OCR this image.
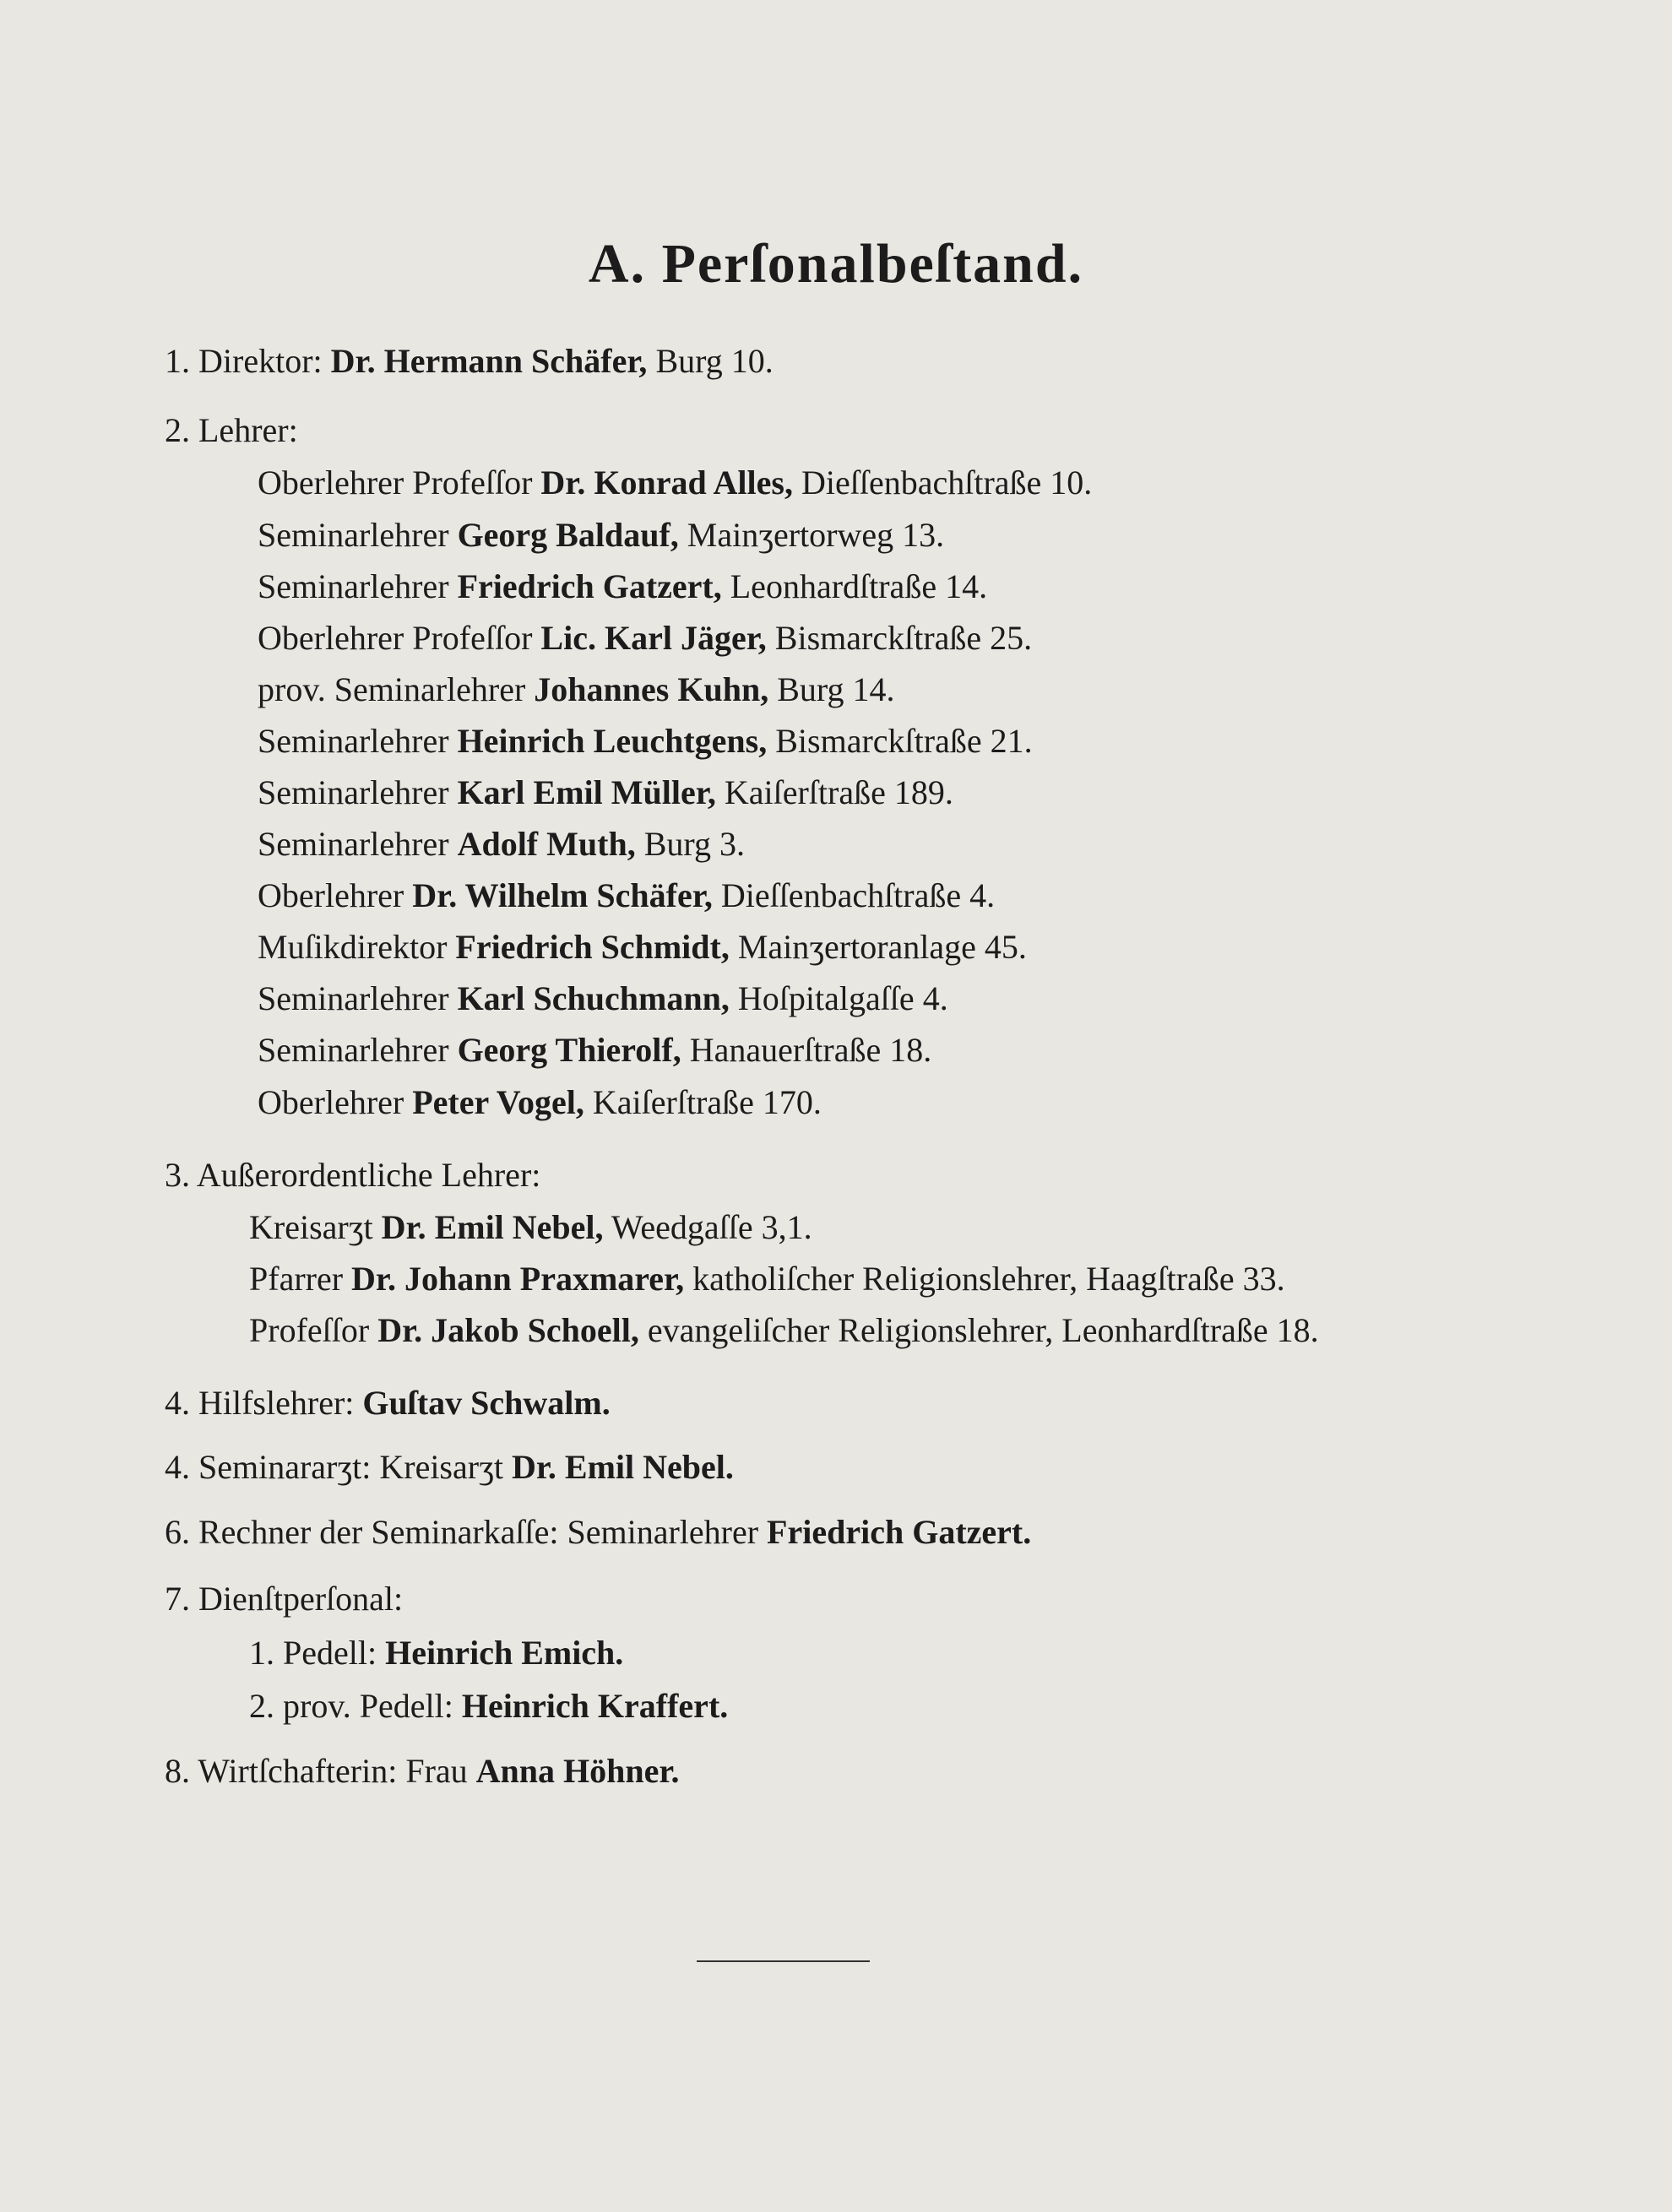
A. Perſonalbeſtand.
1. Direktor: Dr. Hermann Schäfer, Burg 10.
2. Lehrer:
Oberlehrer Profeſſor Dr. Konrad Alles, Dieſſenbachſtraße 10.
Seminarlehrer Georg Baldauf, Mainʒertorweg 13.
Seminarlehrer Friedrich Gatzert, Leonhardſtraße 14.
Oberlehrer Profeſſor Lic. Karl Jäger, Bismarckſtraße 25.
prov. Seminarlehrer Johannes Kuhn, Burg 14.
Seminarlehrer Heinrich Leuchtgens, Bismarckſtraße 21.
Seminarlehrer Karl Emil Müller, Kaiſerſtraße 189.
Seminarlehrer Adolf Muth, Burg 3.
Oberlehrer Dr. Wilhelm Schäfer, Dieſſenbachſtraße 4.
Muſikdirektor Friedrich Schmidt, Mainʒertoranlage 45.
Seminarlehrer Karl Schuchmann, Hoſpitalgaſſe 4.
Seminarlehrer Georg Thierolf, Hanauerſtraße 18.
Oberlehrer Peter Vogel, Kaiſerſtraße 170.
3. Außerordentliche Lehrer:
Kreisarʒt Dr. Emil Nebel, Weedgaſſe 3,1.
Pfarrer Dr. Johann Praxmarer, katholiſcher Religionslehrer, Haagſtraße 33.
Profeſſor Dr. Jakob Schoell, evangeliſcher Religionslehrer, Leonhardſtraße 18.
4. Hilfslehrer: Guſtav Schwalm.
4. Seminararʒt: Kreisarʒt Dr. Emil Nebel.
6. Rechner der Seminarkaſſe: Seminarlehrer Friedrich Gatzert.
7. Dienſtperſonal:
1. Pedell: Heinrich Emich.
2. prov. Pedell: Heinrich Kraffert.
8. Wirtſchafterin: Frau Anna Höhner.
